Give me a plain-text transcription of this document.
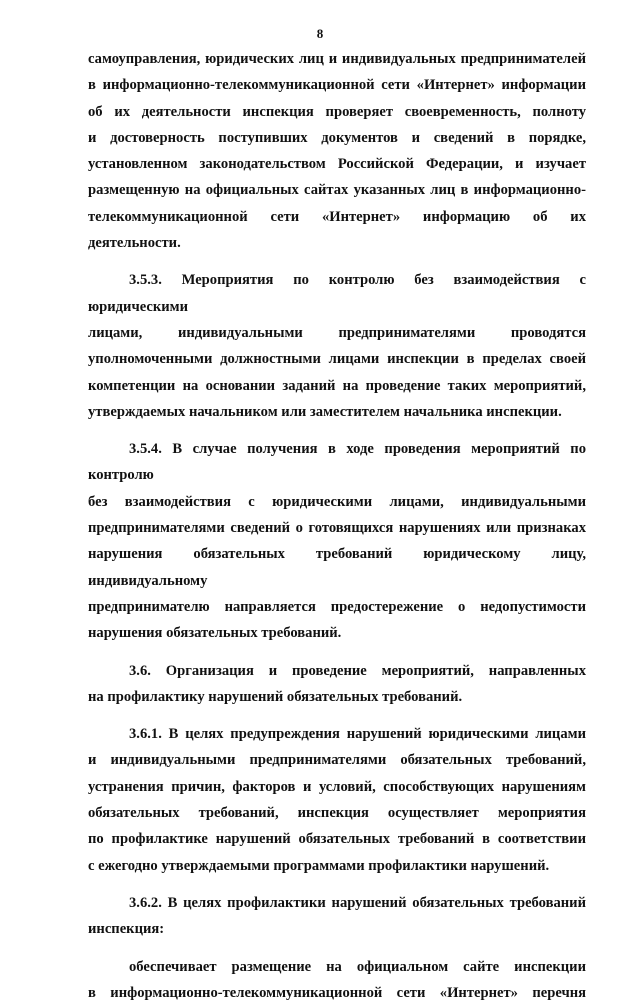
8
самоуправления, юридических лиц и индивидуальных предпринимателей
в информационно-телекоммуникационной сети «Интернет» информации
об их деятельности инспекция проверяет своевременность, полноту
и достоверность поступивших документов и сведений в порядке,
установленном законодательством Российской Федерации, и изучает
размещенную на официальных сайтах указанных лиц в информационно-
телекоммуникационной сети «Интернет» информацию об их деятельности.
3.5.3. Мероприятия по контролю без взаимодействия с юридическими
лицами, индивидуальными предпринимателями проводятся
уполномоченными должностными лицами инспекции в пределах своей
компетенции на основании заданий на проведение таких мероприятий,
утверждаемых начальником или заместителем начальника инспекции.
3.5.4. В случае получения в ходе проведения мероприятий по контролю
без взаимодействия с юридическими лицами, индивидуальными
предпринимателями сведений о готовящихся нарушениях или признаках
нарушения обязательных требований юридическому лицу, индивидуальному
предпринимателю направляется предостережение о недопустимости
нарушения обязательных требований.
3.6. Организация и проведение мероприятий, направленных
на профилактику нарушений обязательных требований.
3.6.1. В целях предупреждения нарушений юридическими лицами
и индивидуальными предпринимателями обязательных требований,
устранения причин, факторов и условий, способствующих нарушениям
обязательных требований, инспекция осуществляет мероприятия
по профилактике нарушений обязательных требований в соответствии
с ежегодно утверждаемыми программами профилактики нарушений.
3.6.2. В целях профилактики нарушений обязательных требований
инспекция:
обеспечивает размещение на официальном сайте инспекции
в информационно-телекоммуникационной сети «Интернет» перечня
